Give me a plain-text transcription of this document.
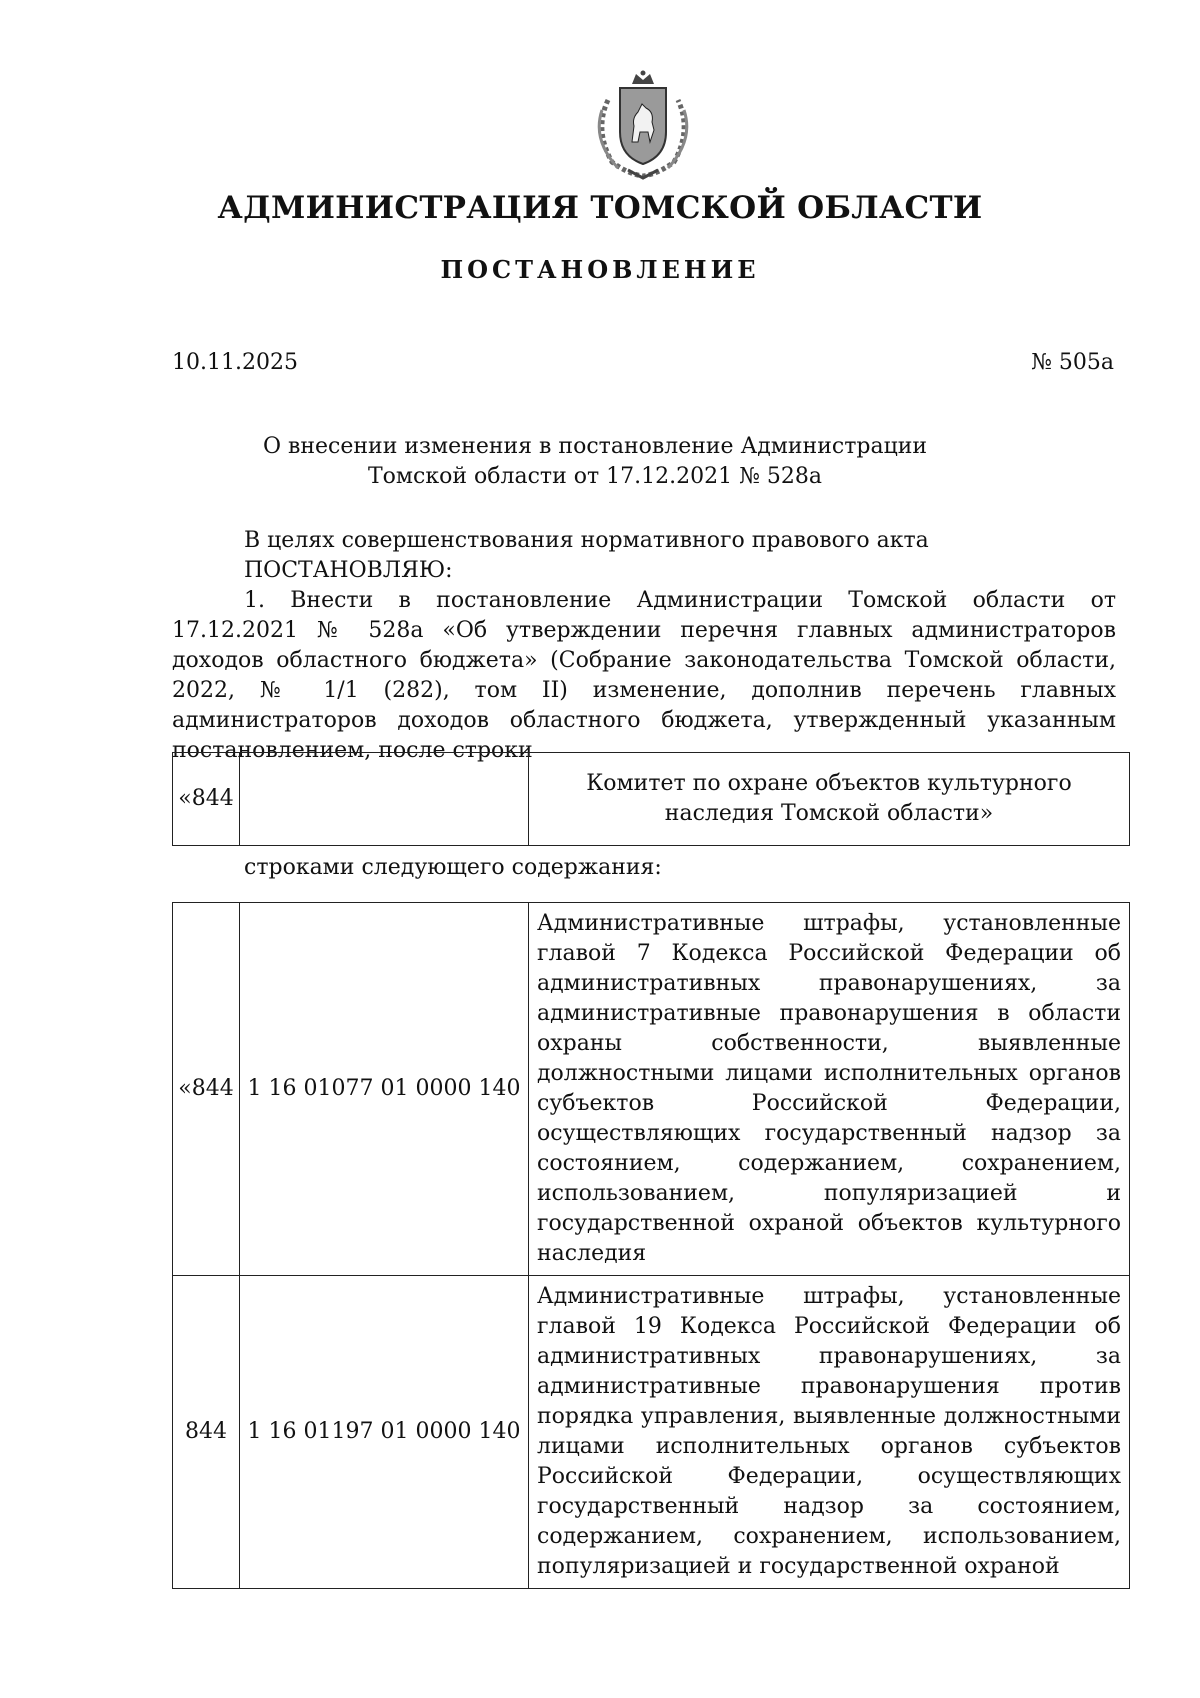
АДМИНИСТРАЦИЯ ТОМСКОЙ ОБЛАСТИ
ПОСТАНОВЛЕНИЕ
10.11.2025	№ 505а
О внесении изменения в постановление Администрации
Томской области от 17.12.2021 № 528а
В целях совершенствования нормативного правового акта
ПОСТАНОВЛЯЮ:
1. Внести в постановление Администрации Томской области от 17.12.2021 № 528а «Об утверждении перечня главных администраторов доходов областного бюджета» (Собрание законодательства Томской области, 2022, № 1/1 (282), том II) изменение, дополнив перечень главных администраторов доходов областного бюджета, утвержденный указанным постановлением, после строки
«844		Комитет по охране объектов культурного наследия Томской области»
строками следующего содержания:
«844	1 16 01077 01 0000 140	Административные штрафы, установленные главой 7 Кодекса Российской Федерации об административных правонарушениях, за административные правонарушения в области охраны собственности, выявленные должностными лицами исполнительных органов субъектов Российской Федерации, осуществляющих государственный надзор за состоянием, содержанием, сохранением, использованием, популяризацией и государственной охраной объектов культурного наследия
844	1 16 01197 01 0000 140	Административные штрафы, установленные главой 19 Кодекса Российской Федерации об административных правонарушениях, за административные правонарушения против порядка управления, выявленные должностными лицами исполнительных органов субъектов Российской Федерации, осуществляющих государственный надзор за состоянием, содержанием, сохранением, использованием, популяризацией и государственной охраной
